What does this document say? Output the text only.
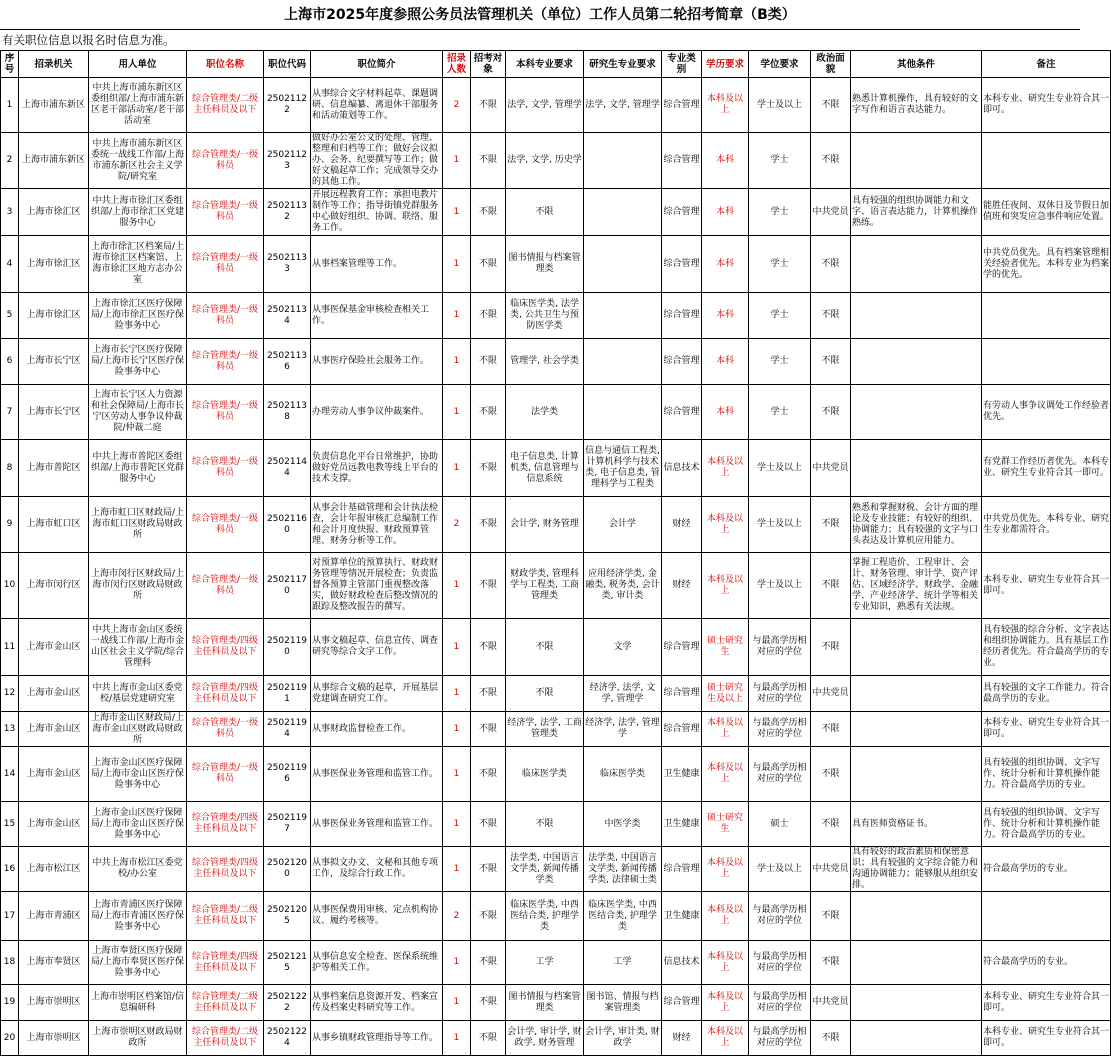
上海市2025年度参照公务员法管理机关（单位）工作人员第二轮招考简章（B类）
有关职位信息以报名时信息为准。
序号	招录机关	用人单位	职位名称	职位代码	职位简介	招录人数	招考对象	本科专业要求	研究生专业要求	专业类别	学历要求	学位要求	政治面貌	其他条件	备注
1	上海市浦东新区	中共上海市浦东新区区委组织部/上海市浦东新区老干部活动室/老干部活动室	综合管理类/二级主任科员及以下	25021122	从事综合文字材料起草、课题调研、信息编纂、离退休干部服务和活动策划等工作。	2	不限	法学, 文学, 管理学	法学, 文学, 管理学	综合管理	本科及以上	学士及以上	不限	熟悉计算机操作，具有较好的文字写作和语言表达能力。	本科专业、研究生专业符合其一即可。
2	上海市浦东新区	中共上海市浦东新区区委统一战线工作部/上海市浦东新区社会主义学院/研究室	综合管理类/一级科员	25021123	做好办公室公文的处理、管理、整理和归档等工作；做好会议拟办、会务、纪要撰写等工作；做好文稿起草工作；完成领导交办的其他工作。	1	不限	法学, 文学, 历史学		综合管理	本科	学士	不限		
3	上海市徐汇区	中共上海市徐汇区委组织部/上海市徐汇区党建服务中心	综合管理类/一级科员	25021132	开展远程教育工作；承担电教片制作等工作；指导街镇党群服务中心做好组织、协调、联络、服务工作。	1	不限	不限		综合管理	本科	学士	中共党员	具有较强的组织协调能力和文字、语言表达能力，计算机操作熟练。	能胜任夜间、双休日及节假日加值班和突发应急事件响应处置。
4	上海市徐汇区	上海市徐汇区档案局/上海市徐汇区档案馆、上海市徐汇区地方志办公室	综合管理类/一级科员	25021133	从事档案管理等工作。	1	不限	图书情报与档案管理类		综合管理	本科	学士	不限		中共党员优先。具有档案管理相关经验者优先。本科专业为档案学的优先。
5	上海市徐汇区	上海市徐汇区医疗保障局/上海市徐汇区医疗保险事务中心	综合管理类/一级科员	25021134	从事医保基金审核检查相关工作。	1	不限	临床医学类, 法学类, 公共卫生与预防医学类		综合管理	本科	学士	不限		
6	上海市长宁区	上海市长宁区医疗保障局/上海市长宁区医疗保险事务中心	综合管理类/一级科员	25021136	从事医疗保险社会服务工作。	1	不限	管理学, 社会学类		综合管理	本科	学士	不限		
7	上海市长宁区	上海市长宁区人力资源和社会保障局/上海市长宁区劳动人事争议仲裁院/仲裁二庭	综合管理类/一级科员	25021138	办理劳动人事争议仲裁案件。	1	不限	法学类		综合管理	本科	学士	不限		有劳动人事争议调处工作经验者优先。
8	上海市普陀区	中共上海市普陀区委组织部/上海市普陀区党群服务中心	综合管理类/一级科员	25021144	负责信息化平台日常维护，协助做好党员远教电教等线上平台的技术支撑。	1	不限	电子信息类, 计算机类, 信息管理与信息系统	信息与通信工程类, 计算机科学与技术类, 电子信息类, 管理科学与工程类	信息技术	本科及以上	学士及以上	中共党员		有党群工作经历者优先。本科专业、研究生专业符合其一即可。
9	上海市虹口区	上海市虹口区财政局/上海市虹口区财政局财政所	综合管理类/一级科员	25021160	从事会计基础管理和会计执法检查，会计年报审核汇总编制工作和会计月度快报、财政预算管理、财务分析等工作。	2	不限	会计学, 财务管理	会计学	财经	本科及以上	学士及以上	不限	熟悉和掌握财税、会计方面的理论及专业技能；有较好的组织、协调能力；具有较强的文字与口头表达及计算机应用能力。	中共党员优先。本科专业、研究生专业都需符合。
10	上海市闵行区	上海市闵行区财政局/上海市闵行区财政局财政所	综合管理类/一级科员	25021170	对预算单位的预算执行、财政财务管理等情况开展检查；负责监督各预算主管部门重视整改落实，做好财政检查后整改情况的跟踪及整改报告的撰写。	1	不限	财政学类, 管理科学与工程类, 工商管理类	应用经济学类, 金融类, 税务类, 会计类, 审计类	财经	本科及以上	学士及以上	不限	掌握工程造价、工程审计、会计、财务管理、审计学、资产评估、区域经济学、财政学、金融学、产业经济学、统计学等相关专业知识，熟悉有关法规。	本科专业、研究生专业符合其一即可。
11	上海市金山区	中共上海市金山区委统一战线工作部/上海市金山区社会主义学院/综合管理科	综合管理类/四级主任科员及以下	25021190	从事文稿起草、信息宣传、调查研究等综合文字工作。	1	不限	不限	文学	综合管理	硕士研究生	与最高学历相对应的学位	不限		具有较强的综合分析、文字表达和组织协调能力。具有基层工作经历者优先。符合最高学历的专业。
12	上海市金山区	中共上海市金山区委党校/基层党建研究室	综合管理类/四级主任科员及以下	25021191	从事综合文稿的起草，开展基层党建调查研究工作。	1	不限	不限	经济学, 法学, 文学, 管理学	综合管理	硕士研究生及以上	与最高学历相对应的学位	中共党员		具有较强的文字工作能力。符合最高学历的专业。
13	上海市金山区	上海市金山区财政局/上海市金山区财政局财政所	综合管理类/一级科员	25021194	从事财政监督检查工作。	1	不限	经济学, 法学, 工商管理类	经济学, 法学, 管理学	综合管理	本科及以上	与最高学历相对应的学位	不限		本科专业、研究生专业符合其一即可。
14	上海市金山区	上海市金山区医疗保障局/上海市金山区医疗保险事务中心	综合管理类/一级科员	25021196	从事医保业务管理和监管工作。	1	不限	临床医学类	临床医学类	卫生健康	本科及以上	与最高学历相对应的学位	不限		具有较强的组织协调、文字写作、统计分析和计算机操作能力。符合最高学历的专业。
15	上海市金山区	上海市金山区医疗保障局/上海市金山区医疗保险事务中心	综合管理类/四级主任科员及以下	25021197	从事医保业务管理和监管工作。	1	不限	不限	中医学类	卫生健康	硕士研究生	硕士	不限	具有医师资格证书。	具有较强的组织协调、文字写作、统计分析和计算机操作能力。符合最高学历的专业。
16	上海市松江区	中共上海市松江区委党校/办公室	综合管理类/四级主任科员及以下	25021200	从事拟文办文、文秘和其他专项工作，及综合行政工作。	1	不限	法学类, 中国语言文学类, 新闻传播学类	法学类, 中国语言文学类, 新闻传播学类, 法律硕士类	综合管理	本科及以上	学士及以上	中共党员	具有较好的政治素质和保密意识；具有较强的文字综合能力和沟通协调能力；能够服从组织安排。	符合最高学历的专业。
17	上海市青浦区	上海市青浦区医疗保障局/上海市青浦区医疗保险事务中心	综合管理类/二级主任科员及以下	25021205	从事医保费用审核、定点机构协议、履约考核等。	2	不限	临床医学类, 中西医结合类, 护理学类	临床医学类, 中西医结合类, 护理学类	卫生健康	本科及以上	与最高学历相对应的学位	不限		
18	上海市奉贤区	上海市奉贤区医疗保障局/上海市奉贤区医疗保险事务中心	综合管理类/四级主任科员及以下	25021215	从事信息安全检查、医保系统维护等相关工作。	1	不限	工学	工学	信息技术	本科及以上	与最高学历相对应的学位	不限		符合最高学历的专业。
19	上海市崇明区	上海市崇明区档案馆/信息编研科	综合管理类/二级主任科员及以下	25021222	从事档案信息资源开发、档案宣传及档案史料研究等工作。	1	不限	图书情报与档案管理类	图书馆、情报与档案管理类	综合管理	本科及以上	与最高学历相对应的学位	中共党员		本科专业、研究生专业符合其一即可。
20	上海市崇明区	上海市崇明区财政局财政所	综合管理类/二级主任科员及以下	25021224	从事乡镇财政管理指导等工作。	1	不限	会计学, 审计学, 财政学, 财务管理	会计学, 审计类, 财政学	财经	本科及以上	与最高学历相对应的学位	不限		本科专业、研究生专业符合其一即可。
